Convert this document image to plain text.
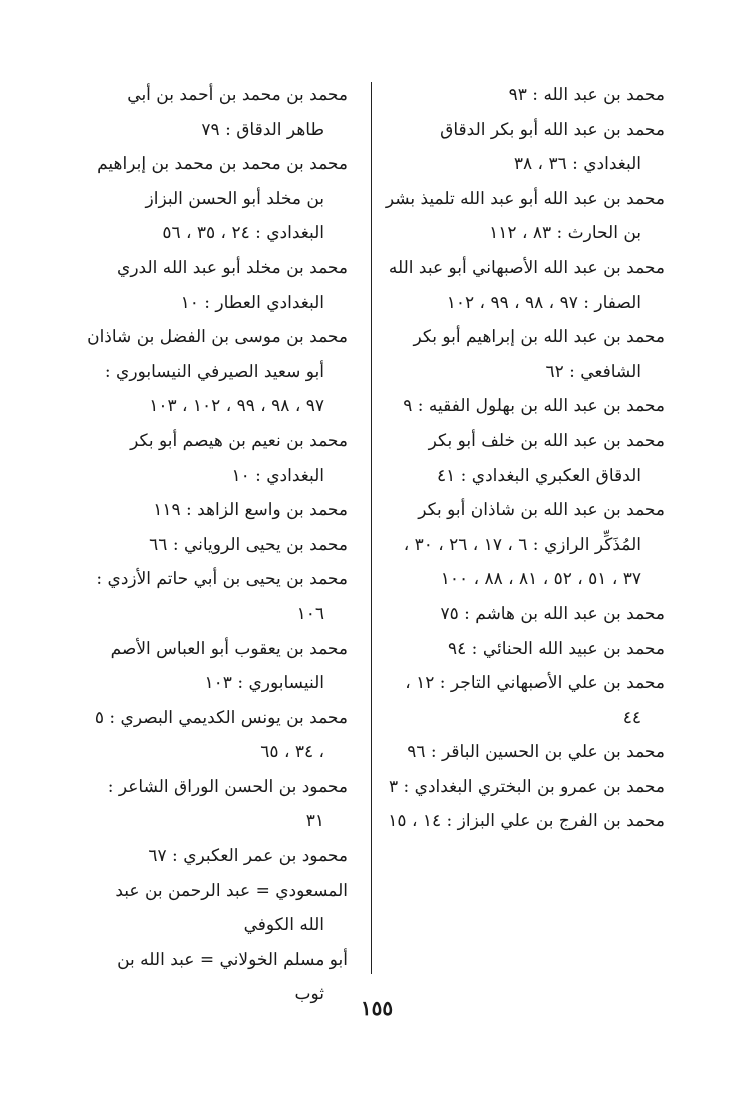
محمد بن عبد الله : ٩٣

محمد بن عبد الله أبو بكر الدقاق البغدادي : ٣٦ ، ٣٨

محمد بن عبد الله أبو عبد الله تلميذ بشر بن الحارث : ٨٣ ، ١١٢

محمد بن عبد الله الأصبهاني أبو عبد الله الصفار : ٩٧ ، ٩٨ ، ٩٩ ، ١٠٢

محمد بن عبد الله بن إبراهيم أبو بكر الشافعي : ٦٢

محمد بن عبد الله بن بهلول الفقيه : ٩

محمد بن عبد الله بن خلف أبو بكر الدقاق العكبري البغدادي : ٤١

محمد بن عبد الله بن شاذان أبو بكر المُذَكِّر الرازي : ٦ ، ١٧ ، ٢٦ ، ٣٠ ، ٣٧ ، ٥١ ، ٥٢ ، ٨١ ، ٨٨ ، ١٠٠

محمد بن عبد الله بن هاشم : ٧٥

محمد بن عبيد الله الحنائي : ٩٤

محمد بن علي الأصبهاني التاجر : ١٢ ، ٤٤

محمد بن علي بن الحسين الباقر : ٩٦

محمد بن عمرو بن البختري البغدادي : ٣

محمد بن الفرج بن علي البزاز : ١٤ ، ١٥

محمد بن محمد بن أحمد بن أبي طاهر الدقاق : ٧٩

محمد بن محمد بن محمد بن إبراهيم بن مخلد أبو الحسن البزاز البغدادي : ٢٤ ، ٣٥ ، ٥٦

محمد بن مخلد أبو عبد الله الدري البغدادي العطار : ١٠

محمد بن موسى بن الفضل بن شاذان أبو سعيد الصيرفي النيسابوري : ٩٧ ، ٩٨ ، ٩٩ ، ١٠٢ ، ١٠٣

محمد بن نعيم بن هيصم أبو بكر البغدادي : ١٠

محمد بن واسع الزاهد : ١١٩

محمد بن يحيى الروياني : ٦٦

محمد بن يحيى بن أبي حاتم الأزدي : ١٠٦

محمد بن يعقوب أبو العباس الأصم النيسابوري : ١٠٣

محمد بن يونس الكديمي البصري : ٥ ، ٣٤ ، ٦٥

محمود بن الحسن الوراق الشاعر : ٣١

محمود بن عمر العكبري : ٦٧

المسعودي = عبد الرحمن بن عبد الله الكوفي

أبو مسلم الخولاني = عبد الله بن ثوب

١٥٥
